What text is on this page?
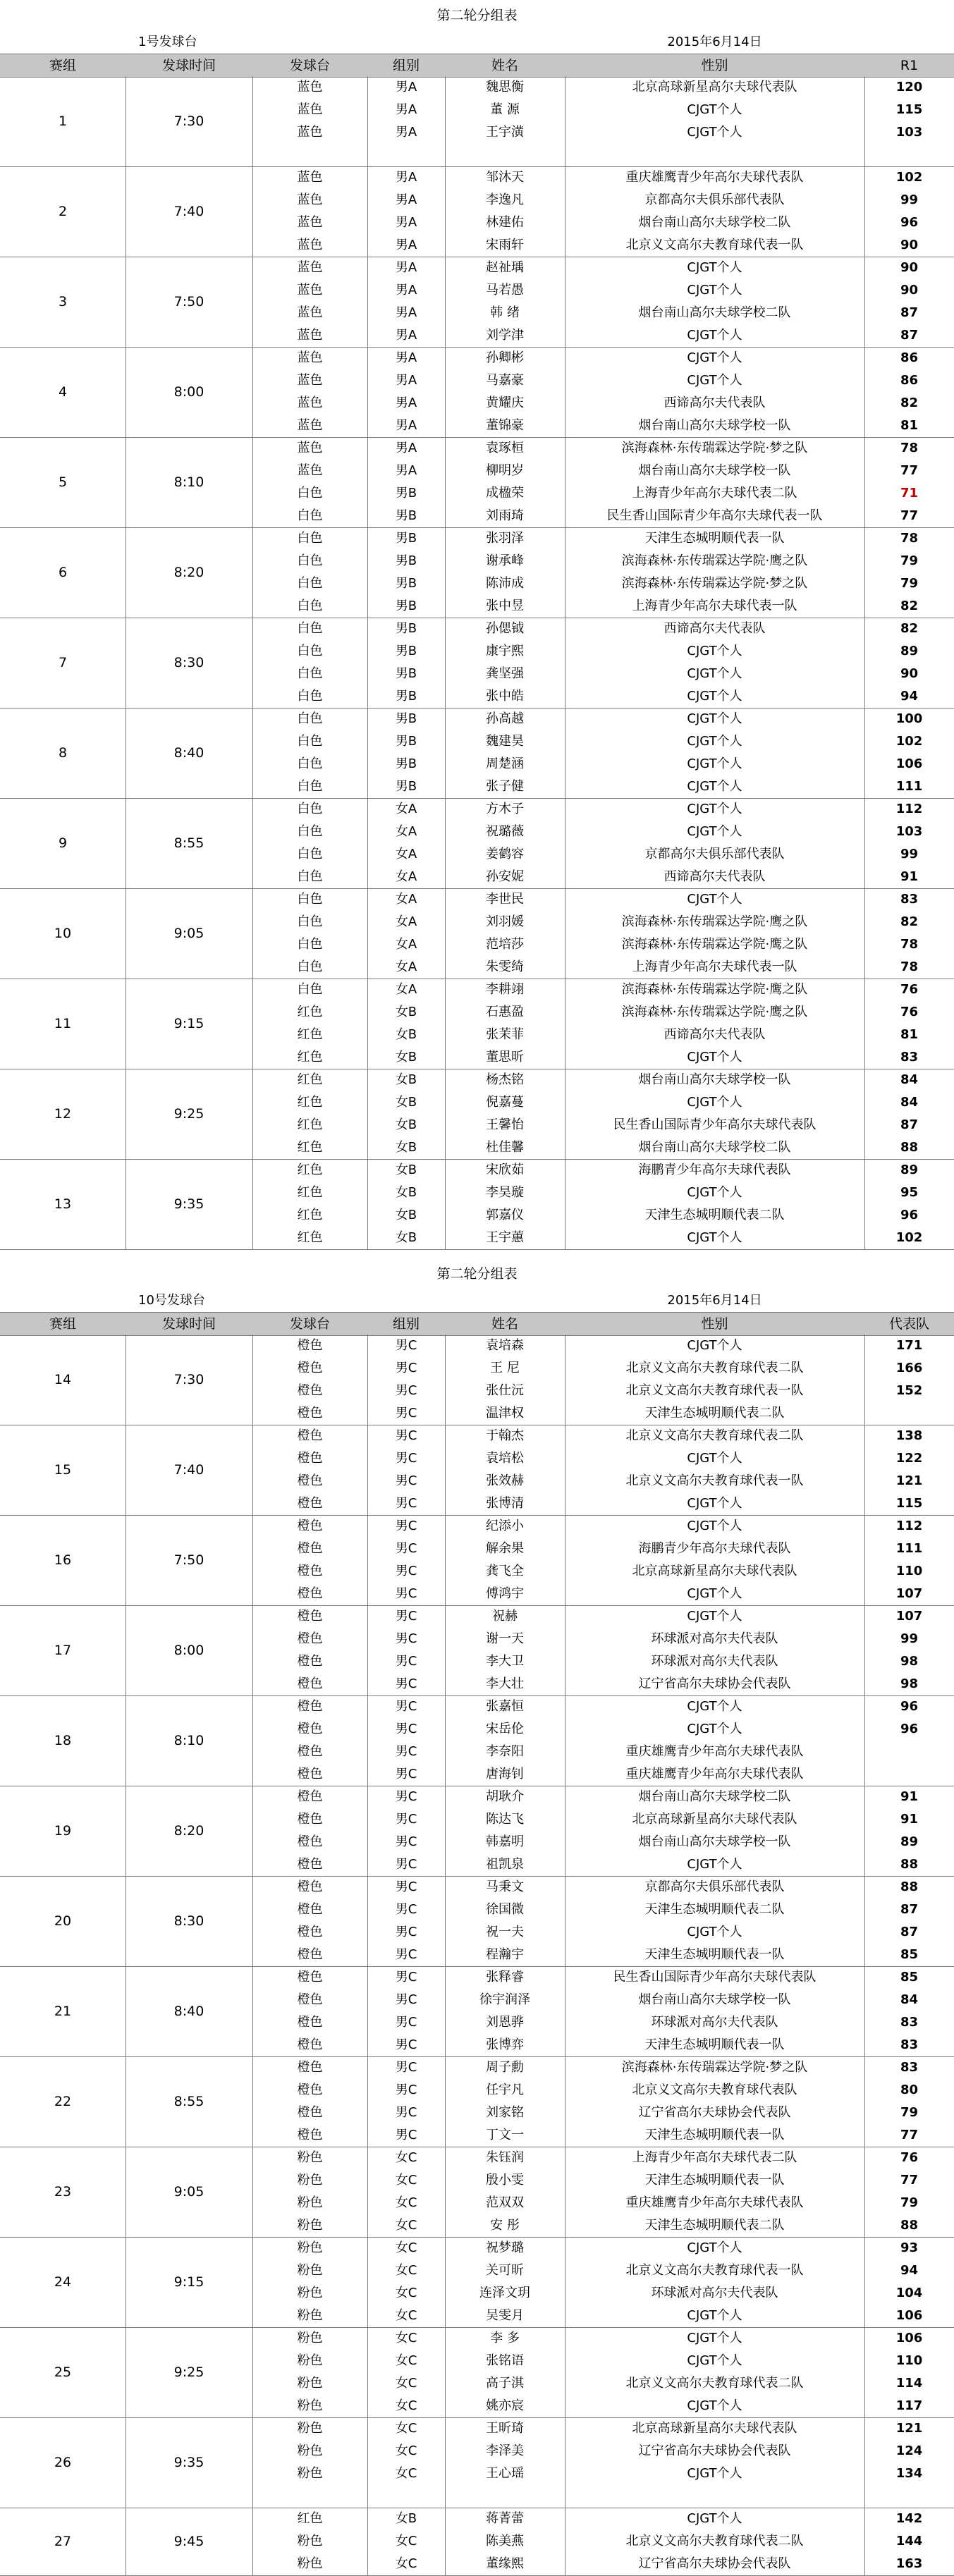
第二轮分组表
1号发球台	2015年6月14日
赛组	发球时间	发球台	组别	姓名	性别	R1
1	7:30
蓝色	男A	魏思衡	北京高球新星高尔夫球代表队	120
蓝色	男A	董 源	CJGT个人	115
蓝色	男A	王宇潢	CJGT个人	103
2	7:40
蓝色	男A	邹沐天	重庆雄鹰青少年高尔夫球代表队	102
蓝色	男A	李逸凡	京都高尔夫俱乐部代表队	99
蓝色	男A	林建佑	烟台南山高尔夫球学校二队	96
蓝色	男A	宋雨轩	北京义文高尔夫教育球代表一队	90
3	7:50
蓝色	男A	赵祉瑀	CJGT个人	90
蓝色	男A	马若愚	CJGT个人	90
蓝色	男A	韩 绪	烟台南山高尔夫球学校二队	87
蓝色	男A	刘学津	CJGT个人	87
4	8:00
蓝色	男A	孙卿彬	CJGT个人	86
蓝色	男A	马嘉豪	CJGT个人	86
蓝色	男A	黄耀庆	西谛高尔夫代表队	82
蓝色	男A	董锦豪	烟台南山高尔夫球学校一队	81
5	8:10
蓝色	男A	袁琢桓	滨海森林·东传瑞霖达学院·梦之队	78
蓝色	男A	柳明岁	烟台南山高尔夫球学校一队	77
白色	男B	成楹荣	上海青少年高尔夫球代表二队	71
白色	男B	刘雨琦	民生香山国际青少年高尔夫球代表一队	77
6	8:20
白色	男B	张羽泽	天津生态城明顺代表一队	78
白色	男B	谢承峰	滨海森林·东传瑞霖达学院·鹰之队	79
白色	男B	陈沛成	滨海森林·东传瑞霖达学院·梦之队	79
白色	男B	张中昱	上海青少年高尔夫球代表一队	82
7	8:30
白色	男B	孙偲钺	西谛高尔夫代表队	82
白色	男B	康宇熙	CJGT个人	89
白色	男B	龚坚强	CJGT个人	90
白色	男B	张中皓	CJGT个人	94
8	8:40
白色	男B	孙高越	CJGT个人	100
白色	男B	魏建昊	CJGT个人	102
白色	男B	周楚涵	CJGT个人	106
白色	男B	张子健	CJGT个人	111
9	8:55
白色	女A	方木子	CJGT个人	112
白色	女A	祝璐薇	CJGT个人	103
白色	女A	姜鹤容	京都高尔夫俱乐部代表队	99
白色	女A	孙安妮	西谛高尔夫代表队	91
10	9:05
白色	女A	李世民	CJGT个人	83
白色	女A	刘羽媛	滨海森林·东传瑞霖达学院·鹰之队	82
白色	女A	范培莎	滨海森林·东传瑞霖达学院·鹰之队	78
白色	女A	朱雯绮	上海青少年高尔夫球代表一队	78
11	9:15
白色	女A	李耕翊	滨海森林·东传瑞霖达学院·鹰之队	76
红色	女B	石惠盈	滨海森林·东传瑞霖达学院·鹰之队	76
红色	女B	张茉菲	西谛高尔夫代表队	81
红色	女B	董思昕	CJGT个人	83
12	9:25
红色	女B	杨杰铭	烟台南山高尔夫球学校一队	84
红色	女B	倪嘉蔓	CJGT个人	84
红色	女B	王馨怡	民生香山国际青少年高尔夫球代表队	87
红色	女B	杜佳馨	烟台南山高尔夫球学校二队	88
13	9:35
红色	女B	宋欣茹	海鹏青少年高尔夫球代表队	89
红色	女B	李昊璇	CJGT个人	95
红色	女B	郭嘉仪	天津生态城明顺代表二队	96
红色	女B	王宇蕙	CJGT个人	102
第二轮分组表
10号发球台	2015年6月14日
赛组	发球时间	发球台	组别	姓名	性别	代表队
14	7:30
橙色	男C	袁培森	CJGT个人	171
橙色	男C	王 尼	北京义文高尔夫教育球代表二队	166
橙色	男C	张仕沅	北京义文高尔夫教育球代表一队	152
橙色	男C	温津权	天津生态城明顺代表二队
15	7:40
橙色	男C	于翰杰	北京义文高尔夫教育球代表二队	138
橙色	男C	袁培松	CJGT个人	122
橙色	男C	张效赫	北京义文高尔夫教育球代表一队	121
橙色	男C	张博清	CJGT个人	115
16	7:50
橙色	男C	纪添小	CJGT个人	112
橙色	男C	解余果	海鹏青少年高尔夫球代表队	111
橙色	男C	龚飞全	北京高球新星高尔夫球代表队	110
橙色	男C	傅鸿宇	CJGT个人	107
17	8:00
橙色	男C	祝赫	CJGT个人	107
橙色	男C	谢一天	环球派对高尔夫代表队	99
橙色	男C	李大卫	环球派对高尔夫代表队	98
橙色	男C	李大壮	辽宁省高尔夫球协会代表队	98
18	8:10
橙色	男C	张嘉恒	CJGT个人	96
橙色	男C	宋岳伦	CJGT个人	96
橙色	男C	李奈阳	重庆雄鹰青少年高尔夫球代表队
橙色	男C	唐海钊	重庆雄鹰青少年高尔夫球代表队
19	8:20
橙色	男C	胡耿介	烟台南山高尔夫球学校二队	91
橙色	男C	陈达飞	北京高球新星高尔夫球代表队	91
橙色	男C	韩嘉明	烟台南山高尔夫球学校一队	89
橙色	男C	祖凯泉	CJGT个人	88
20	8:30
橙色	男C	马秉文	京都高尔夫俱乐部代表队	88
橙色	男C	徐国微	天津生态城明顺代表二队	87
橙色	男C	祝一夫	CJGT个人	87
橙色	男C	程瀚宇	天津生态城明顺代表一队	85
21	8:40
橙色	男C	张释睿	民生香山国际青少年高尔夫球代表队	85
橙色	男C	徐宇润泽	烟台南山高尔夫球学校一队	84
橙色	男C	刘恩骅	环球派对高尔夫代表队	83
橙色	男C	张博弈	天津生态城明顺代表一队	83
22	8:55
橙色	男C	周子勳	滨海森林·东传瑞霖达学院·梦之队	83
橙色	男C	任宇凡	北京义文高尔夫教育球代表队	80
橙色	男C	刘家铭	辽宁省高尔夫球协会代表队	79
橙色	男C	丁文一	天津生态城明顺代表一队	77
23	9:05
粉色	女C	朱钰润	上海青少年高尔夫球代表二队	76
粉色	女C	殷小雯	天津生态城明顺代表一队	77
粉色	女C	范双双	重庆雄鹰青少年高尔夫球代表队	79
粉色	女C	安 彤	天津生态城明顺代表二队	88
24	9:15
粉色	女C	祝梦璐	CJGT个人	93
粉色	女C	关可昕	北京义文高尔夫教育球代表一队	94
粉色	女C	连泽文玥	环球派对高尔夫代表队	104
粉色	女C	吴雯月	CJGT个人	106
25	9:25
粉色	女C	李 多	CJGT个人	106
粉色	女C	张铭语	CJGT个人	110
粉色	女C	高子淇	北京义文高尔夫教育球代表二队	114
粉色	女C	姚亦宸	CJGT个人	117
26	9:35
粉色	女C	王昕琦	北京高球新星高尔夫球代表队	121
粉色	女C	李泽美	辽宁省高尔夫球协会代表队	124
粉色	女C	王心瑶	CJGT个人	134
27	9:45
红色	女B	蒋菁蕾	CJGT个人	142
粉色	女C	陈美燕	北京义文高尔夫教育球代表二队	144
粉色	女C	董缘熙	辽宁省高尔夫球协会代表队	163
